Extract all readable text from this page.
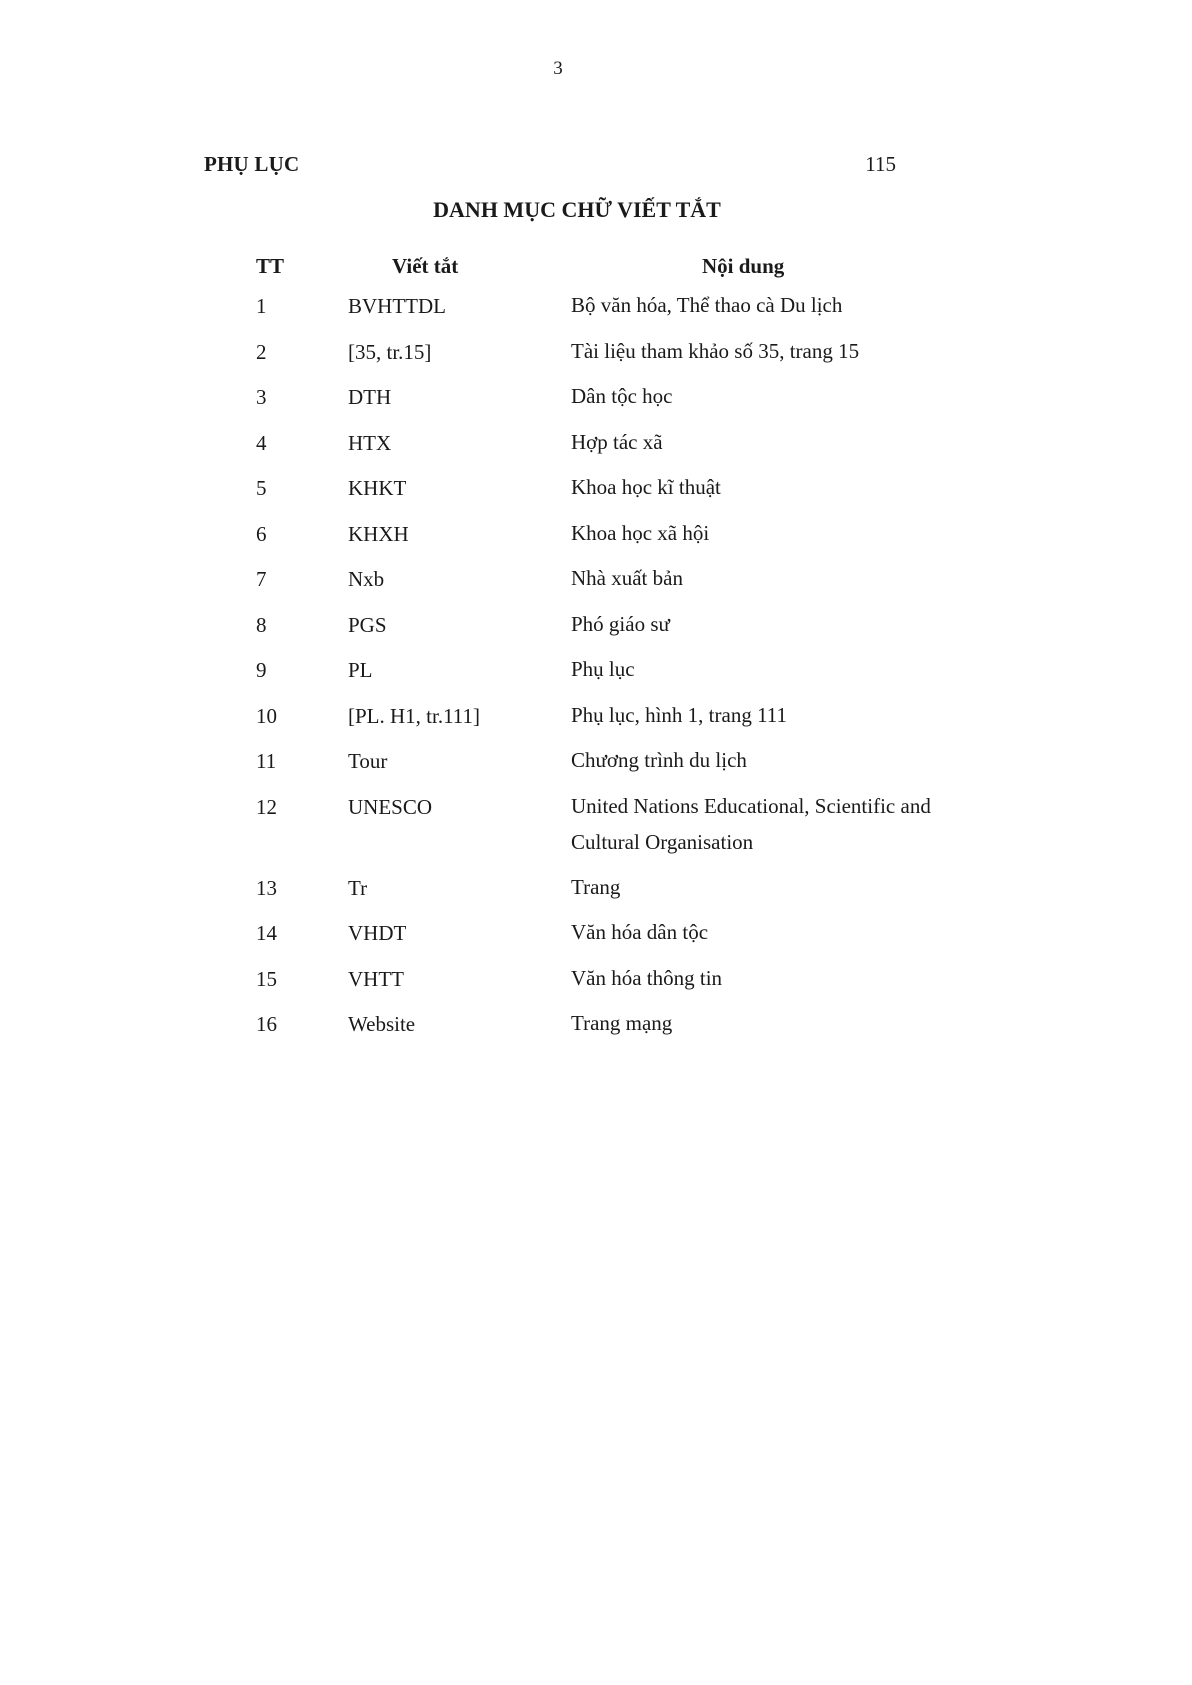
3
PHỤ LỤC	115
DANH MỤC CHỮ VIẾT TẮT
TT	Viết tắt	Nội dung
1	BVHTTDL	Bộ văn hóa, Thể thao cà Du lịch
2	[35, tr.15]	Tài liệu tham khảo số 35, trang 15
3	DTH	Dân tộc học
4	HTX	Hợp tác xã
5	KHKT	Khoa học kĩ thuật
6	KHXH	Khoa học xã hội
7	Nxb	Nhà xuất bản
8	PGS	Phó giáo sư
9	PL	Phụ lục
10	[PL. H1, tr.111]	Phụ lục, hình 1, trang 111
11	Tour	Chương trình du lịch
12	UNESCO	United Nations Educational, Scientific and Cultural Organisation
13	Tr	Trang
14	VHDT	Văn hóa dân tộc
15	VHTT	Văn hóa thông tin
16	Website	Trang mạng
